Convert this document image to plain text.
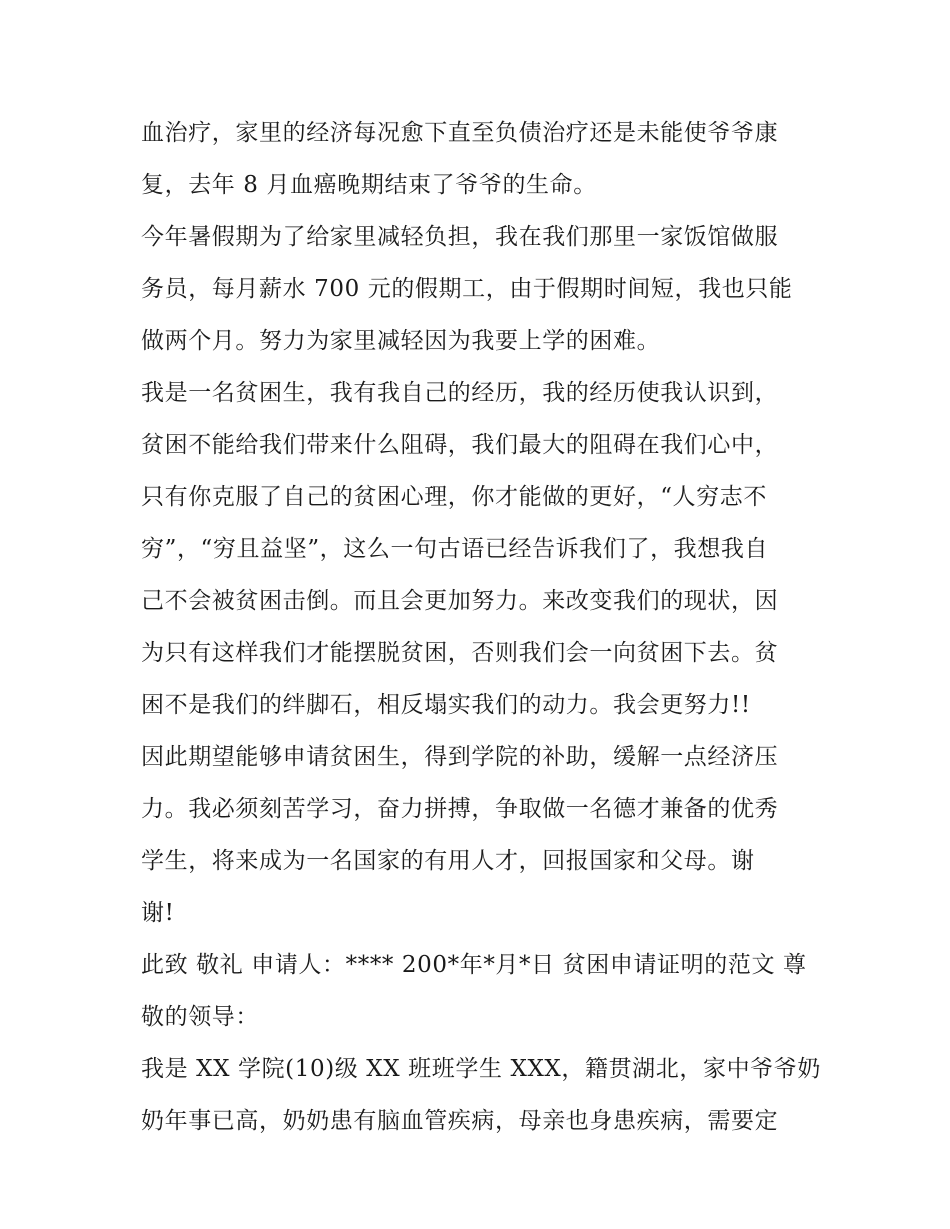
血治疗，家里的经济每况愈下直至负债治疗还是未能使爷爷康
复，去年 8 月血癌晚期结束了爷爷的生命。
今年暑假期为了给家里减轻负担，我在我们那里一家饭馆做服
务员，每月薪水 700 元的假期工，由于假期时间短，我也只能
做两个月。努力为家里减轻因为我要上学的困难。
我是一名贫困生，我有我自己的经历，我的经历使我认识到，
贫困不能给我们带来什么阻碍，我们最大的阻碍在我们心中，
只有你克服了自己的贫困心理，你才能做的更好，“人穷志不
穷”，“穷且益坚”，这么一句古语已经告诉我们了，我想我自
己不会被贫困击倒。而且会更加努力。来改变我们的现状，因
为只有这样我们才能摆脱贫困，否则我们会一向贫困下去。贫
困不是我们的绊脚石，相反塌实我们的动力。我会更努力!!
因此期望能够申请贫困生，得到学院的补助，缓解一点经济压
力。我必须刻苦学习，奋力拼搏，争取做一名德才兼备的优秀
学生，将来成为一名国家的有用人才，回报国家和父母。谢
谢!
此致 敬礼 申请人：**** 200*年*月*日 贫困申请证明的范文 尊
敬的领导：
我是 XX 学院(10)级 XX 班班学生 XXX，籍贯湖北，家中爷爷奶
奶年事已高，奶奶患有脑血管疾病，母亲也身患疾病，需要定
